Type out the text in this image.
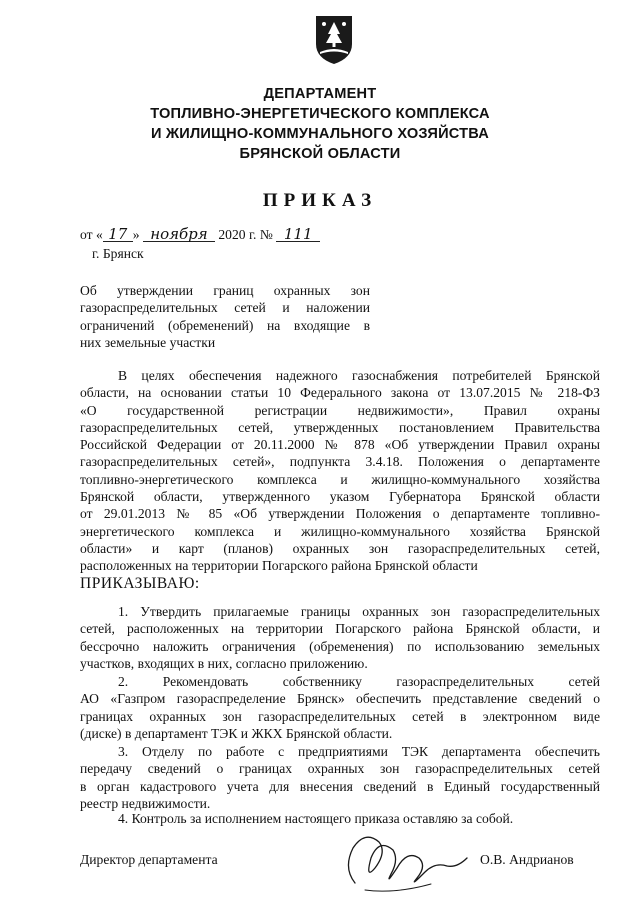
ДЕПАРТАМЕНТ
ТОПЛИВНО-ЭНЕРГЕТИЧЕСКОГО КОМПЛЕКСА
И ЖИЛИЩНО-КОММУНАЛЬНОГО ХОЗЯЙСТВА
БРЯНСКОЙ ОБЛАСТИ
ПРИКАЗ
от « 17 » ноября 2020 г. № 111
г. Брянск
Об утверждении границ охранных зон
газораспределительных сетей и наложении
ограничений (обременений) на входящие в
них земельные участки
В целях обеспечения надежного газоснабжения потребителей Брянской
области, на основании статьи 10 Федерального закона от 13.07.2015 № 218-ФЗ
«О государственной регистрации недвижимости», Правил охраны
газораспределительных сетей, утвержденных постановлением Правительства
Российской Федерации от 20.11.2000 № 878 «Об утверждении Правил охраны
газораспределительных сетей», подпункта 3.4.18. Положения о департаменте
топливно-энергетического комплекса и жилищно-коммунального хозяйства
Брянской области, утвержденного указом Губернатора Брянской области
от 29.01.2013 № 85 «Об утверждении Положения о департаменте топливно-
энергетического комплекса и жилищно-коммунального хозяйства Брянской
области» и карт (планов) охранных зон газораспределительных сетей,
расположенных на территории Погарского района Брянской области
ПРИКАЗЫВАЮ:
1. Утвердить прилагаемые границы охранных зон газораспределительных
сетей, расположенных на территории Погарского района Брянской области, и
бессрочно наложить ограничения (обременения) по использованию земельных
участков, входящих в них, согласно приложению.
2. Рекомендовать собственнику газораспределительных сетей
АО «Газпром газораспределение Брянск» обеспечить представление сведений о
границах охранных зон газораспределительных сетей в электронном виде
(диске) в департамент ТЭК и ЖКХ Брянской области.
3. Отделу по работе с предприятиями ТЭК департамента обеспечить
передачу сведений о границах охранных зон газораспределительных сетей
в орган кадастрового учета для внесения сведений в Единый государственный
реестр недвижимости.
4. Контроль за исполнением настоящего приказа оставляю за собой.
Директор департамента	О.В. Андрианов
